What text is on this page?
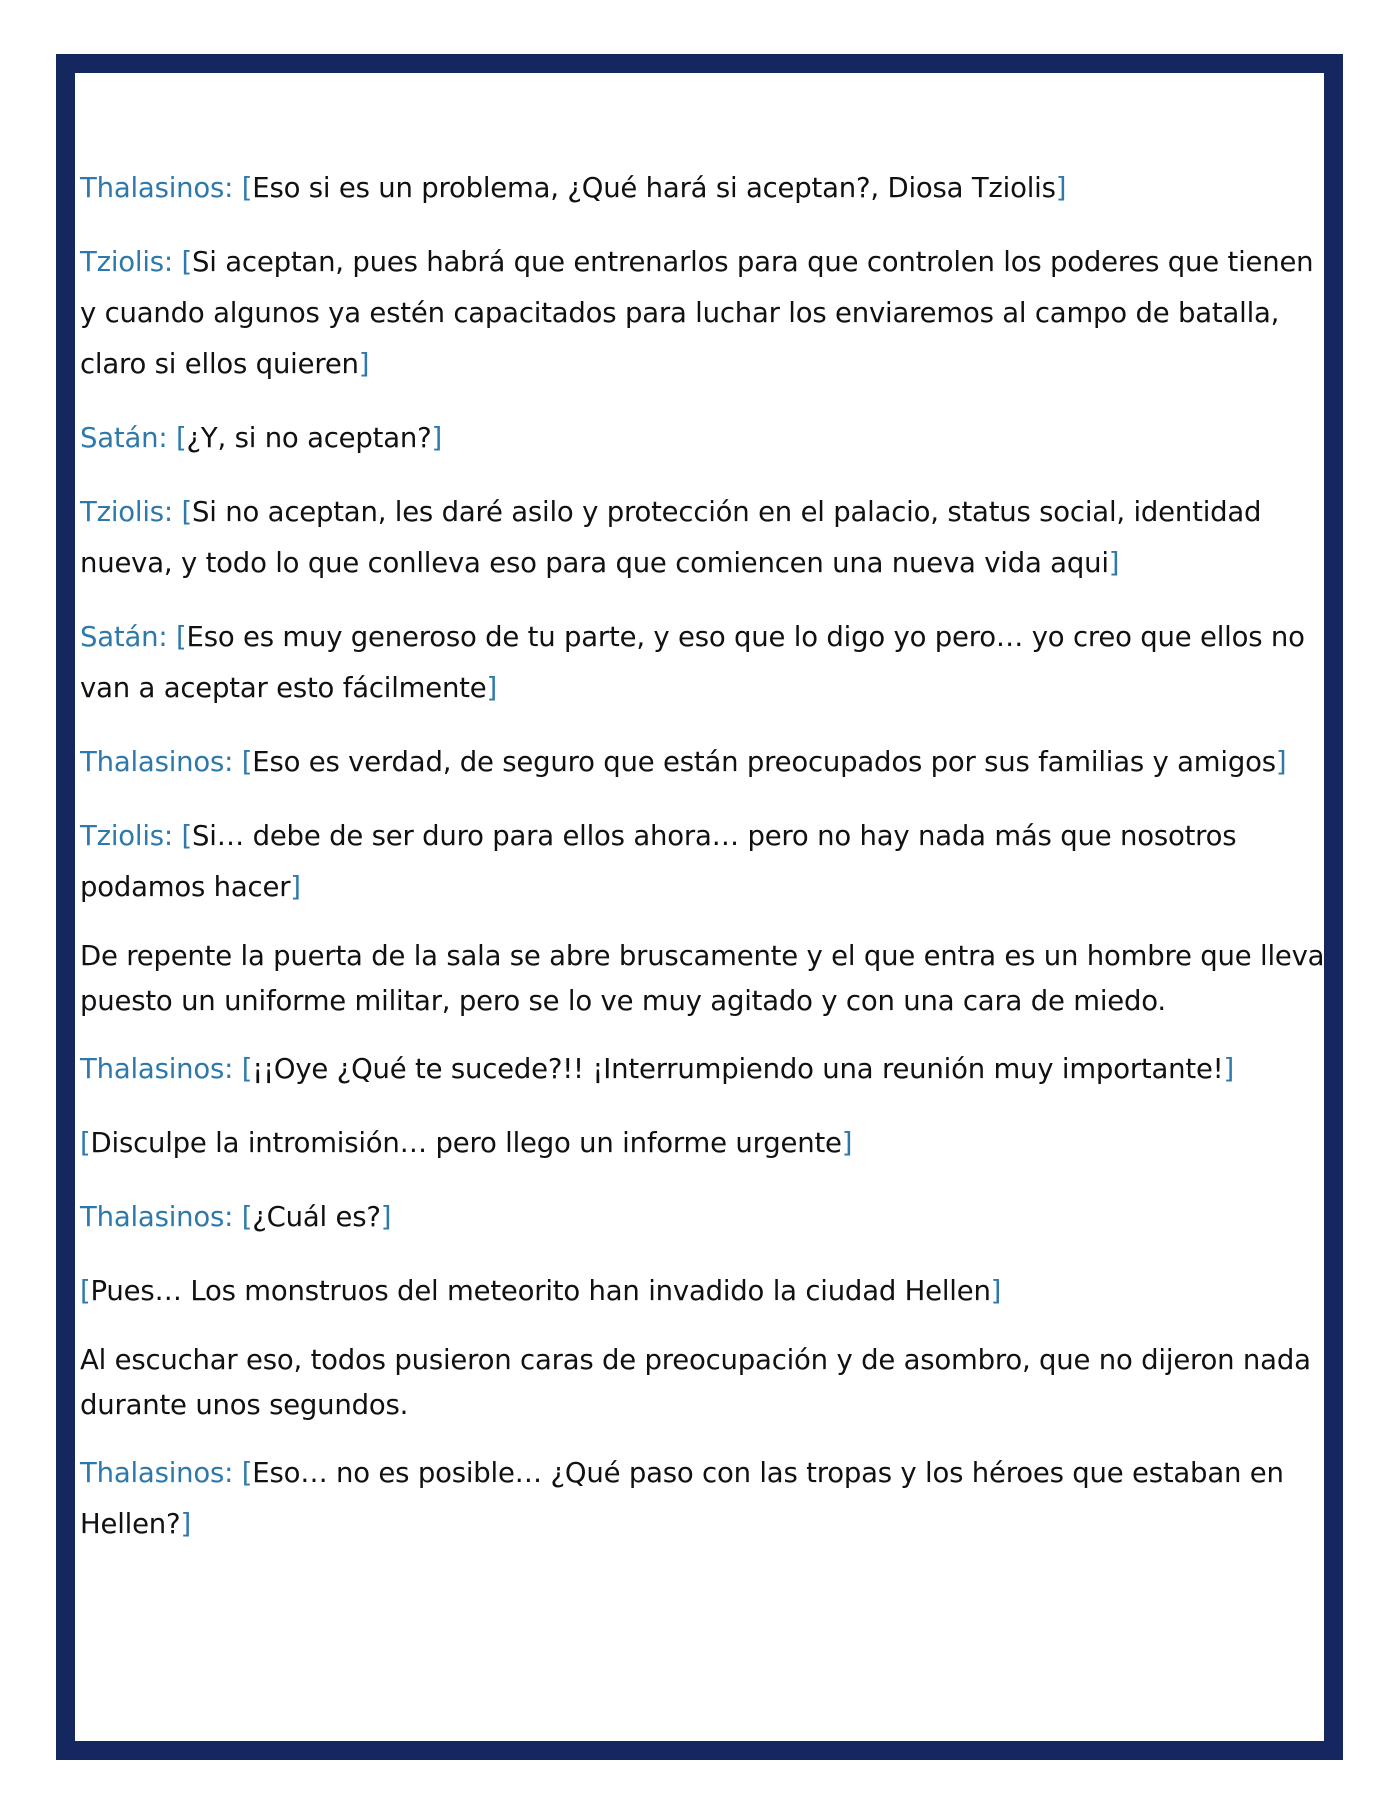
Thalasinos: [Eso si es un problema, ¿Qué hará si aceptan?, Diosa Tziolis]

Tziolis: [Si aceptan, pues habrá que entrenarlos para que controlen los poderes que tienen y cuando algunos ya estén capacitados para luchar los enviaremos al campo de batalla, claro si ellos quieren]

Satán: [¿Y, si no aceptan?]

Tziolis: [Si no aceptan, les daré asilo y protección en el palacio, status social, identidad nueva, y todo lo que conlleva eso para que comiencen una nueva vida aqui]

Satán: [Eso es muy generoso de tu parte, y eso que lo digo yo pero… yo creo que ellos no van a aceptar esto fácilmente]

Thalasinos: [Eso es verdad, de seguro que están preocupados por sus familias y amigos]

Tziolis: [Si… debe de ser duro para ellos ahora… pero no hay nada más que nosotros podamos hacer]

De repente la puerta de la sala se abre bruscamente y el que entra es un hombre que lleva puesto un uniforme militar, pero se lo ve muy agitado y con una cara de miedo.

Thalasinos: [¡¡Oye ¿Qué te sucede?!! ¡Interrumpiendo una reunión muy importante!]

[Disculpe la intromisión… pero llego un informe urgente]

Thalasinos: [¿Cuál es?]

[Pues… Los monstruos del meteorito han invadido la ciudad Hellen]

Al escuchar eso, todos pusieron caras de preocupación y de asombro, que no dijeron nada durante unos segundos.

Thalasinos: [Eso… no es posible… ¿Qué paso con las tropas y los héroes que estaban en Hellen?]
